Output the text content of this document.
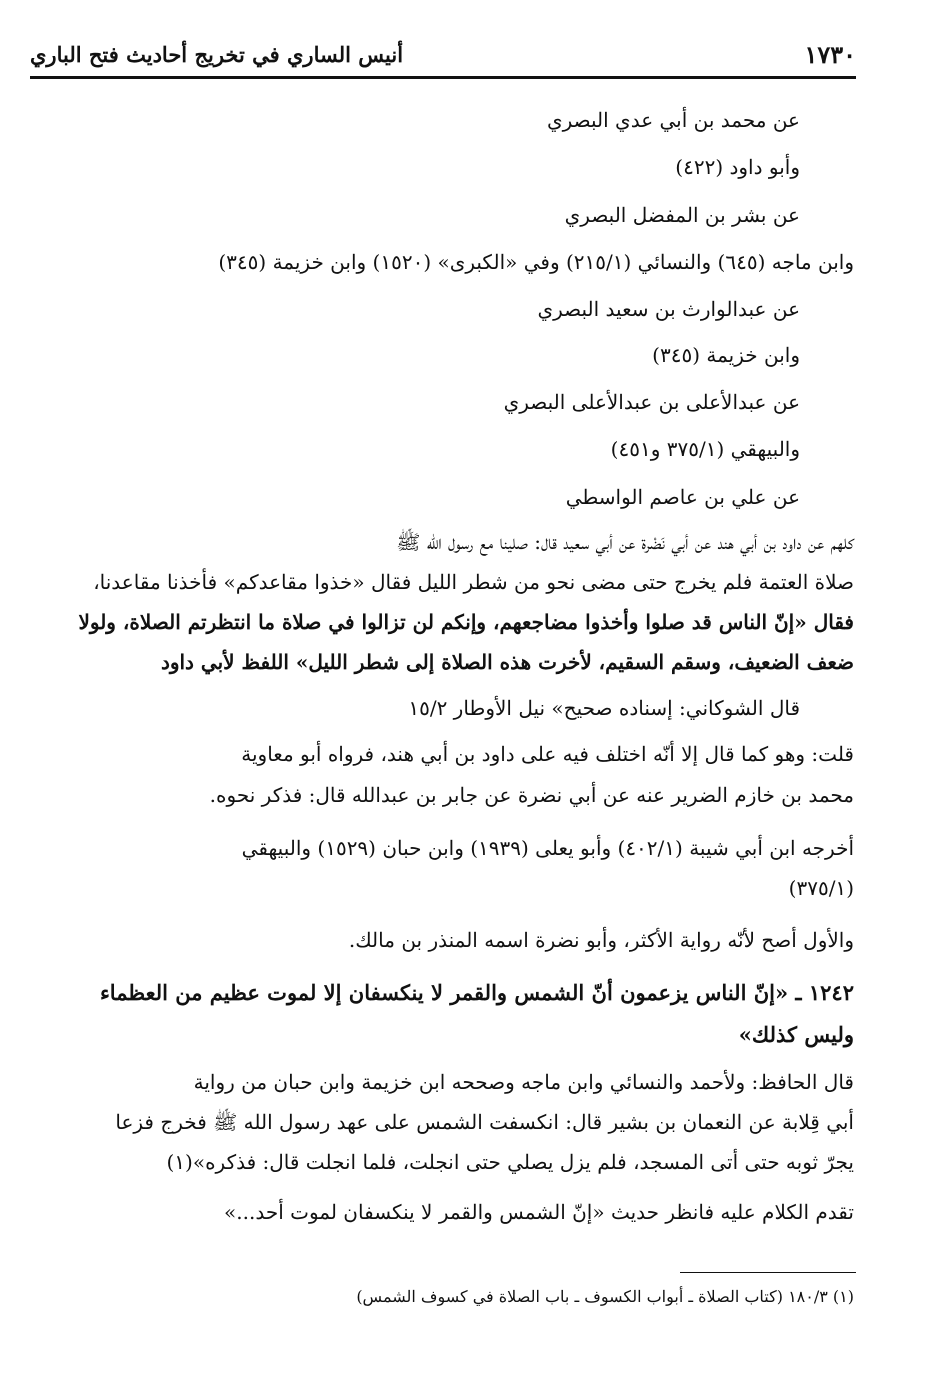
١٧٣٠
أنيس الساري في تخريج أحاديث فتح الباري
عن محمد بن أبي عدي البصري
وأبو داود (٤٢٢)
عن بشر بن المفضل البصري
وابن ماجه (٦٤٥) والنسائي (٢١٥/١) وفي «الكبرى» (١٥٢٠) وابن خزيمة (٣٤٥)
عن عبدالوارث بن سعيد البصري
وابن خزيمة (٣٤٥)
عن عبدالأعلى بن عبدالأعلى البصري
والبيهقي (٣٧٥/١ و٤٥١)
عن علي بن عاصم الواسطي
كلهم عن داود بن أبي هند عن أبي نَضْرة عن أبي سعيد قال: صلينا مع رسول الله ﷺ
صلاة العتمة فلم يخرج حتى مضى نحو من شطر الليل فقال «خذوا مقاعدكم» فأخذنا مقاعدنا،
فقال «إنّ الناس قد صلوا وأخذوا مضاجعهم، وإنكم لن تزالوا في صلاة ما انتظرتم الصلاة، ولولا
ضعف الضعيف، وسقم السقيم، لأخرت هذه الصلاة إلى شطر الليل» اللفظ لأبي داود
قال الشوكاني: إسناده صحيح» نيل الأوطار ١٥/٢
قلت: وهو كما قال إلا أنّه اختلف فيه على داود بن أبي هند، فرواه أبو معاوية
محمد بن خازم الضرير عنه عن أبي نضرة عن جابر بن عبدالله قال: فذكر نحوه.
أخرجه ابن أبي شيبة (٤٠٢/١) وأبو يعلى (١٩٣٩) وابن حبان (١٥٢٩) والبيهقي
(٣٧٥/١)
والأول أصح لأنّه رواية الأكثر، وأبو نضرة اسمه المنذر بن مالك.
١٢٤٢ ـ «إنّ الناس يزعمون أنّ الشمس والقمر لا ينكسفان إلا لموت عظيم من العظماء
وليس كذلك»
قال الحافظ: ولأحمد والنسائي وابن ماجه وصححه ابن خزيمة وابن حبان من رواية
أبي قِلابة عن النعمان بن بشير قال: انكسفت الشمس على عهد رسول الله ﷺ فخرج فزعا
يجرّ ثوبه حتى أتى المسجد، فلم يزل يصلي حتى انجلت، فلما انجلت قال: فذكره»(١)
تقدم الكلام عليه فانظر حديث «إنّ الشمس والقمر لا ينكسفان لموت أحد...»
(١) ١٨٠/٣ (كتاب الصلاة ـ أبواب الكسوف ـ باب الصلاة في كسوف الشمس)
